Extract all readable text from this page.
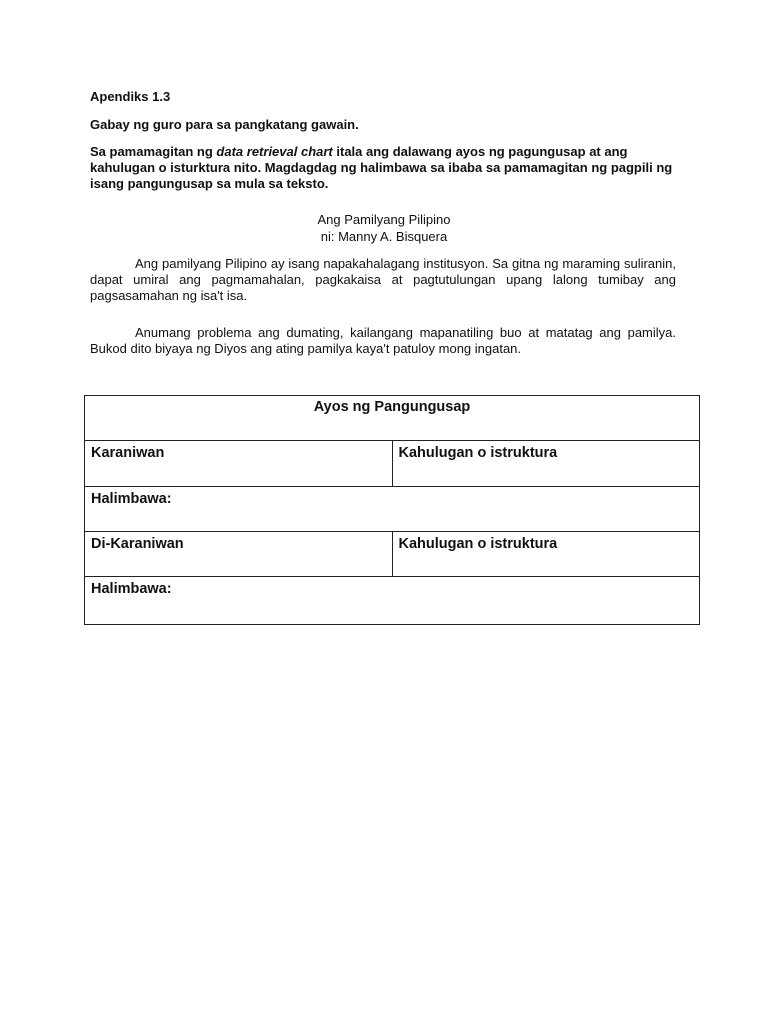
Apendiks 1.3
Gabay ng guro para sa pangkatang gawain.
Sa pamamagitan ng data retrieval chart itala ang dalawang ayos ng pagungusap at ang kahulugan o isturktura nito. Magdagdag ng halimbawa sa ibaba sa pamamagitan ng pagpili ng isang pangungusap sa mula sa teksto.
Ang Pamilyang Pilipino
ni: Manny A. Bisquera
Ang pamilyang Pilipino ay isang napakahalagang institusyon. Sa gitna ng maraming suliranin, dapat umiral ang pagmamahalan, pagkakaisa at pagtutulungan upang lalong tumibay ang pagsasamahan ng isa't isa.
Anumang problema ang dumating, kailangang mapanatiling buo at matatag ang pamilya. Bukod dito biyaya ng Diyos ang ating pamilya kaya't patuloy mong ingatan.
Ayos ng Pangungusap	
Karaniwan	Kahulugan o istruktura
Halimbawa:	
Di-Karaniwan	Kahulugan o istruktura
Halimbawa:	
